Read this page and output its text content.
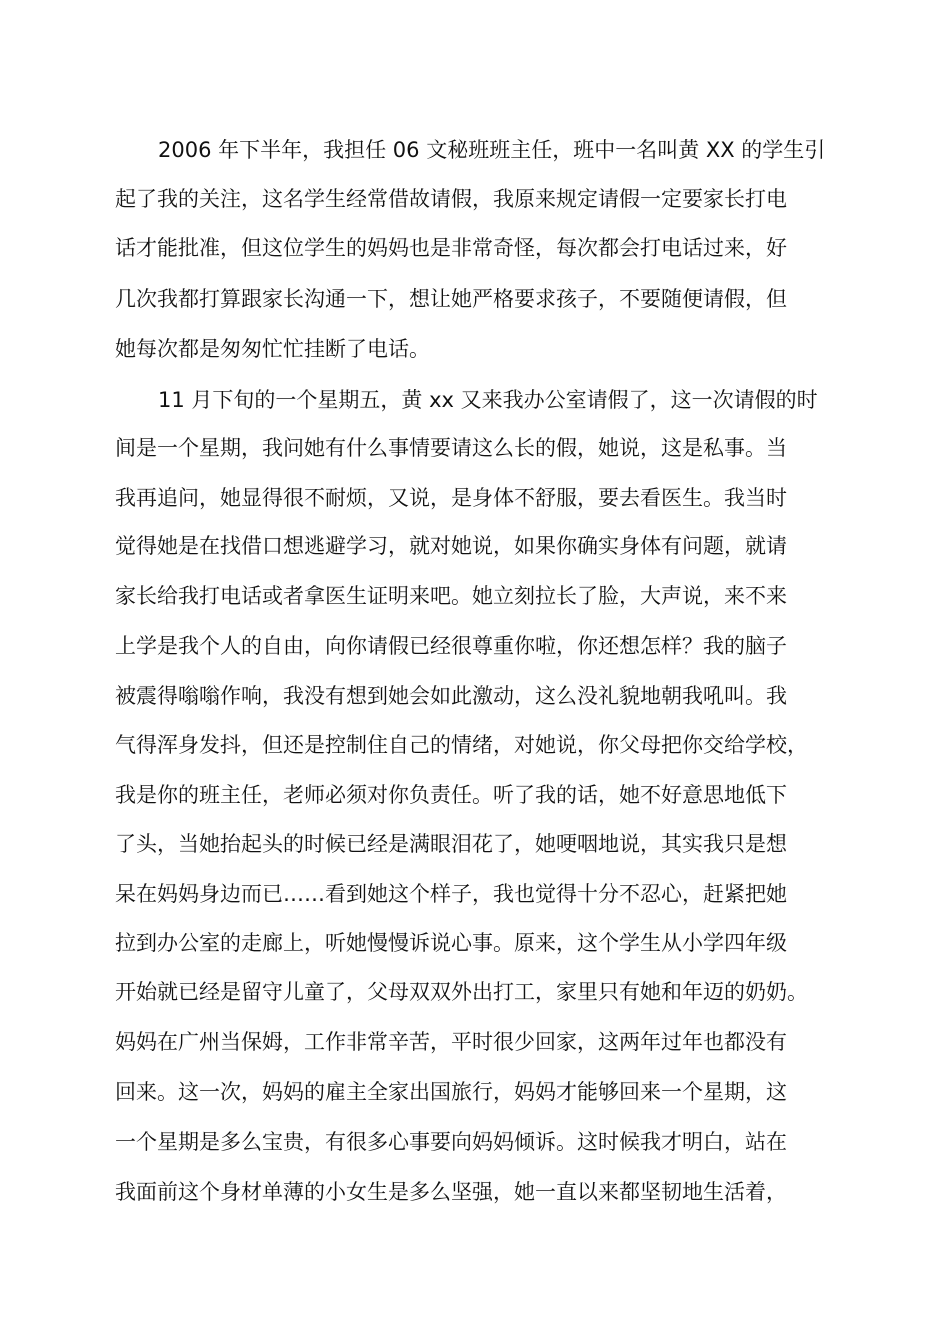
2006 年下半年，我担任 06 文秘班班主任，班中一名叫黄 XX 的学生引
起了我的关注，这名学生经常借故请假，我原来规定请假一定要家长打电
话才能批准，但这位学生的妈妈也是非常奇怪，每次都会打电话过来，好
几次我都打算跟家长沟通一下，想让她严格要求孩子，不要随便请假，但
她每次都是匆匆忙忙挂断了电话。
11 月下旬的一个星期五，黄 xx 又来我办公室请假了，这一次请假的时
间是一个星期，我问她有什么事情要请这么长的假，她说，这是私事。当
我再追问，她显得很不耐烦，又说，是身体不舒服，要去看医生。我当时
觉得她是在找借口想逃避学习，就对她说，如果你确实身体有问题，就请
家长给我打电话或者拿医生证明来吧。她立刻拉长了脸，大声说，来不来
上学是我个人的自由，向你请假已经很尊重你啦，你还想怎样？我的脑子
被震得嗡嗡作响，我没有想到她会如此激动，这么没礼貌地朝我吼叫。我
气得浑身发抖，但还是控制住自己的情绪，对她说，你父母把你交给学校，
我是你的班主任，老师必须对你负责任。听了我的话，她不好意思地低下
了头，当她抬起头的时候已经是满眼泪花了，她哽咽地说，其实我只是想
呆在妈妈身边而已……看到她这个样子，我也觉得十分不忍心，赶紧把她
拉到办公室的走廊上，听她慢慢诉说心事。原来，这个学生从小学四年级
开始就已经是留守儿童了，父母双双外出打工，家里只有她和年迈的奶奶。
妈妈在广州当保姆，工作非常辛苦，平时很少回家，这两年过年也都没有
回来。这一次，妈妈的雇主全家出国旅行，妈妈才能够回来一个星期，这
一个星期是多么宝贵，有很多心事要向妈妈倾诉。这时候我才明白，站在
我面前这个身材单薄的小女生是多么坚强，她一直以来都坚韧地生活着，
